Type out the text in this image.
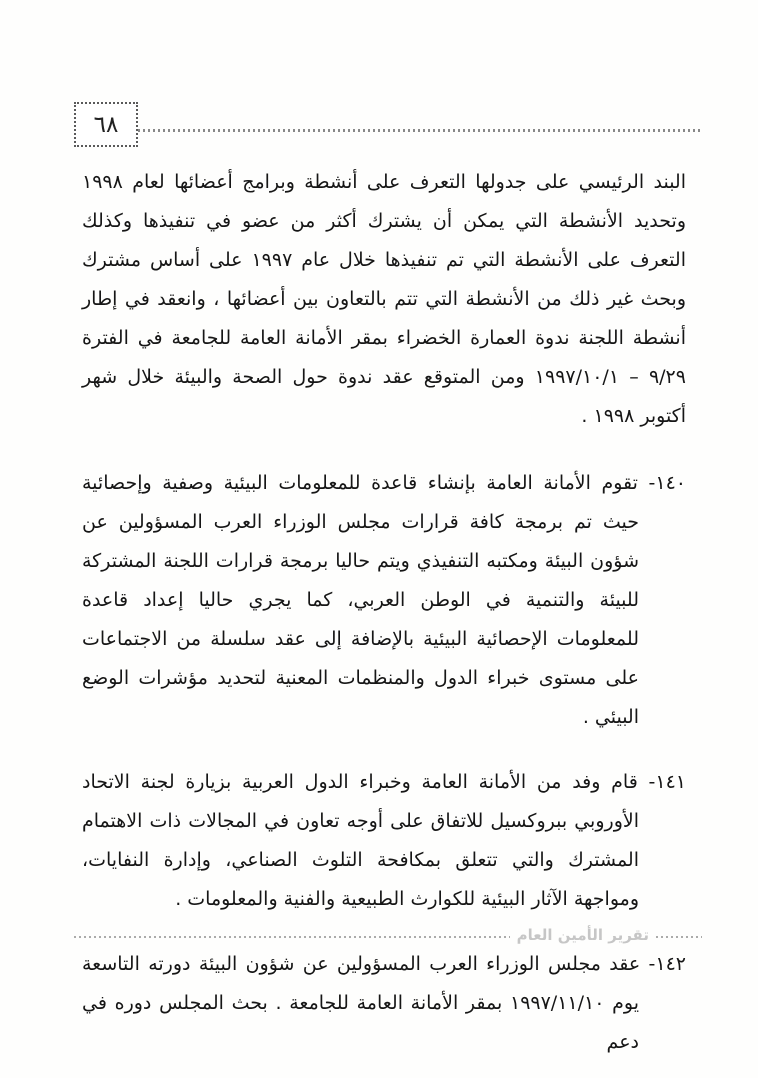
٦٨

البند الرئيسي على جدولها التعرف على أنشطة وبرامج أعضائها لعام ١٩٩٨ وتحديد الأنشطة التي يمكن أن يشترك أكثر من عضو في تنفيذها وكذلك التعرف على الأنشطة التي تم تنفيذها خلال عام ١٩٩٧ على أساس مشترك وبحث غير ذلك من الأنشطة التي تتم بالتعاون بين أعضائها ، وانعقد في إطار أنشطة اللجنة ندوة العمارة الخضراء بمقر الأمانة العامة للجامعة في الفترة ٩/٢٩ – ١٩٩٧/١٠/١ ومن المتوقع عقد ندوة حول الصحة والبيئة خلال شهر أكتوبر ١٩٩٨ .

١٤٠- تقوم الأمانة العامة بإنشاء قاعدة للمعلومات البيئية وصفية وإحصائية حيث تم برمجة كافة قرارات مجلس الوزراء العرب المسؤولين عن شؤون البيئة ومكتبه التنفيذي ويتم حاليا برمجة قرارات اللجنة المشتركة للبيئة والتنمية في الوطن العربي، كما يجري حاليا إعداد قاعدة للمعلومات الإحصائية البيئية بالإضافة إلى عقد سلسلة من الاجتماعات على مستوى خبراء الدول والمنظمات المعنية لتحديد مؤشرات الوضع البيئي .

١٤١- قام وفد من الأمانة العامة وخبراء الدول العربية بزيارة لجنة الاتحاد الأوروبي ببروكسيل للاتفاق على أوجه تعاون في المجالات ذات الاهتمام المشترك والتي تتعلق بمكافحة التلوث الصناعي، وإدارة النفايات، ومواجهة الآثار البيئية للكوارث الطبيعية والفنية والمعلومات .

١٤٢- عقد مجلس الوزراء العرب المسؤولين عن شؤون البيئة دورته التاسعة يوم ١٩٩٧/١١/١٠ بمقر الأمانة العامة للجامعة . بحث المجلس دوره في دعم

تقرير الأمين العام
